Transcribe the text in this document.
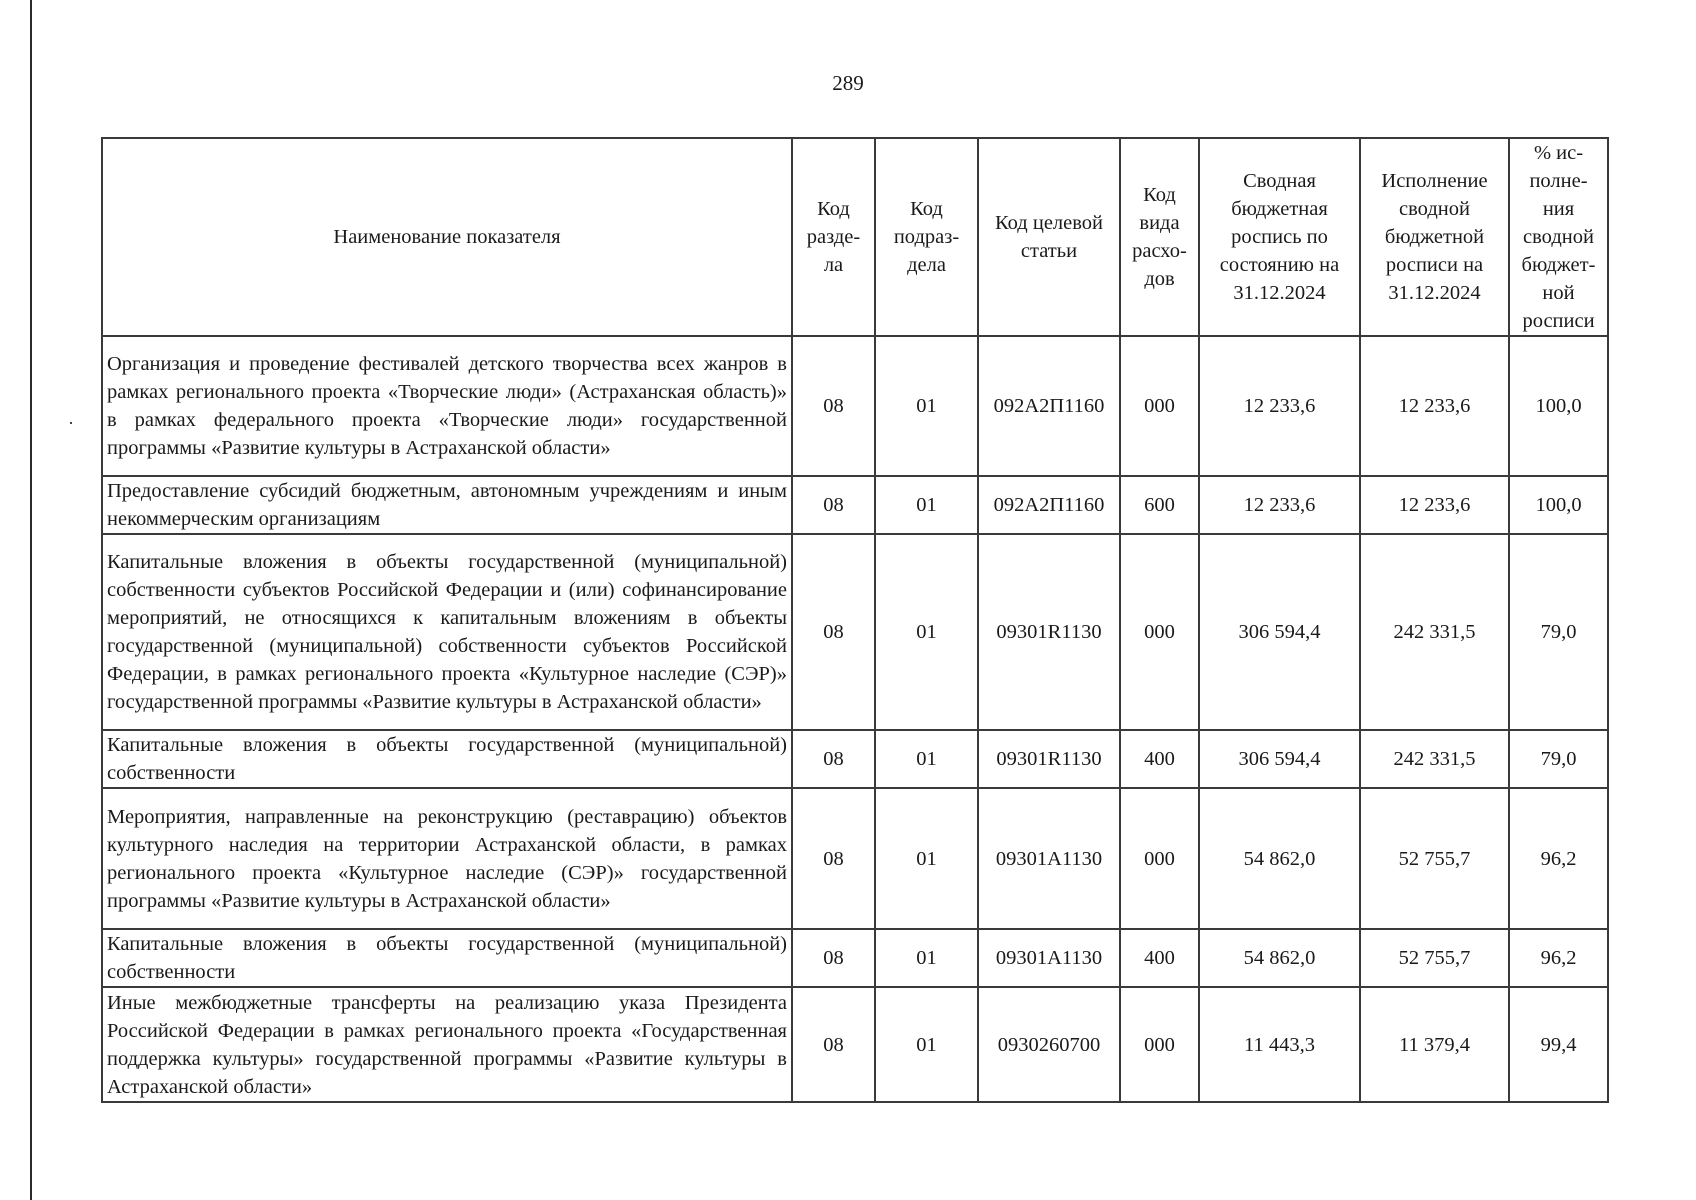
289
Наименование показателя	Код разде- ла	Код подраз- дела	Код целевой статьи	Код вида расхо- дов	Сводная бюджетная роспись по состоянию на 31.12.2024	Исполнение сводной бюджетной росписи на 31.12.2024	% ис- полне- ния сводной бюджет- ной росписи
Организация и проведение фестивалей детского творчества всех жанров в рамках регионального проекта «Творческие люди» (Астраханская область)» в рамках федерального проекта «Творческие люди» государственной программы «Развитие культуры в Астраханской области»	08	01	092А2П1160	000	12 233,6	12 233,6	100,0
Предоставление субсидий бюджетным, автономным учреждениям и иным некоммерческим организациям	08	01	092А2П1160	600	12 233,6	12 233,6	100,0
Капитальные вложения в объекты государственной (муниципальной) собственности субъектов Российской Федерации и (или) софинансирование мероприятий, не относящихся к капитальным вложениям в объекты государственной (муниципальной) собственности субъектов Российской Федерации, в рамках регионального проекта «Культурное наследие (СЭР)» государственной программы «Развитие культуры в Астраханской области»	08	01	09301R1130	000	306 594,4	242 331,5	79,0
Капитальные вложения в объекты государственной (муниципальной) собственности	08	01	09301R1130	400	306 594,4	242 331,5	79,0
Мероприятия, направленные на реконструкцию (реставрацию) объектов культурного наследия на территории Астраханской области, в рамках регионального проекта «Культурное наследие (СЭР)» государственной программы «Развитие культуры в Астраханской области»	08	01	09301А1130	000	54 862,0	52 755,7	96,2
Капитальные вложения в объекты государственной (муниципальной) собственности	08	01	09301А1130	400	54 862,0	52 755,7	96,2
Иные межбюджетные трансферты на реализацию указа Президента Российской Федерации в рамках регионального проекта «Государственная поддержка культуры» государственной программы «Развитие культуры в Астраханской области»	08	01	0930260700	000	11 443,3	11 379,4	99,4
